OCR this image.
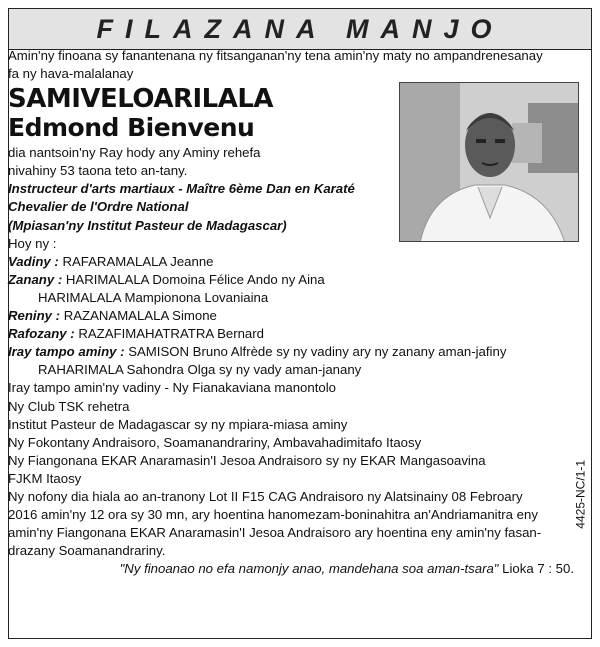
FILAZANA MANJO
Amin'ny finoana sy fanantenana ny fitsanganan'ny tena amin'ny maty no ampandrenesanay
fa ny hava-malalanay
SAMIVELOARILALA
Edmond Bienvenu
dia nantsoin'ny Ray hody any Aminy rehefa
nivahiny 53 taona teto an-tany.
Instructeur d'arts martiaux - Maître 6ème Dan en Karaté
Chevalier de l'Ordre National
(Mpiasan'ny Institut Pasteur de Madagascar)
Hoy ny :
Vadiny : RAFARAMALALA Jeanne
Zanany : HARIMALALA Domoina Félice Ando ny Aina
HARIMALALA Mampionona Lovaniaina
Reniny : RAZANAMALALA Simone
Rafozany : RAZAFIMAHATRATRA Bernard
Iray tampo aminy : SAMISON Bruno Alfrède sy ny vadiny ary ny zanany aman-jafiny
RAHARIMALA Sahondra Olga sy ny vady aman-janany
Iray tampo amin'ny vadiny - Ny Fianakaviana manontolo
Ny Club TSK rehetra
Institut Pasteur de Madagascar sy ny mpiara-miasa aminy
Ny Fokontany Andraisoro, Soamanandrariny, Ambavahadimitafo Itaosy
Ny Fiangonana EKAR Anaramasin'I Jesoa Andraisoro sy ny EKAR Mangasoavina
FJKM Itaosy
Ny nofony dia hiala ao an-tranony Lot II F15 CAG Andraisoro ny Alatsinainy 08 Febroary
2016 amin'ny 12 ora sy 30 mn, ary hoentina hanomezam-boninahitra an'Andriamanitra eny
amin'ny Fiangonana EKAR Anaramasin'I Jesoa Andraisoro ary hoentina eny amin'ny fasan-
drazany Soamanandrariny.
"Ny finoanao no efa namonjy anao, mandehana soa aman-tsara" Lioka 7 : 50.
4425-NC/1-1
